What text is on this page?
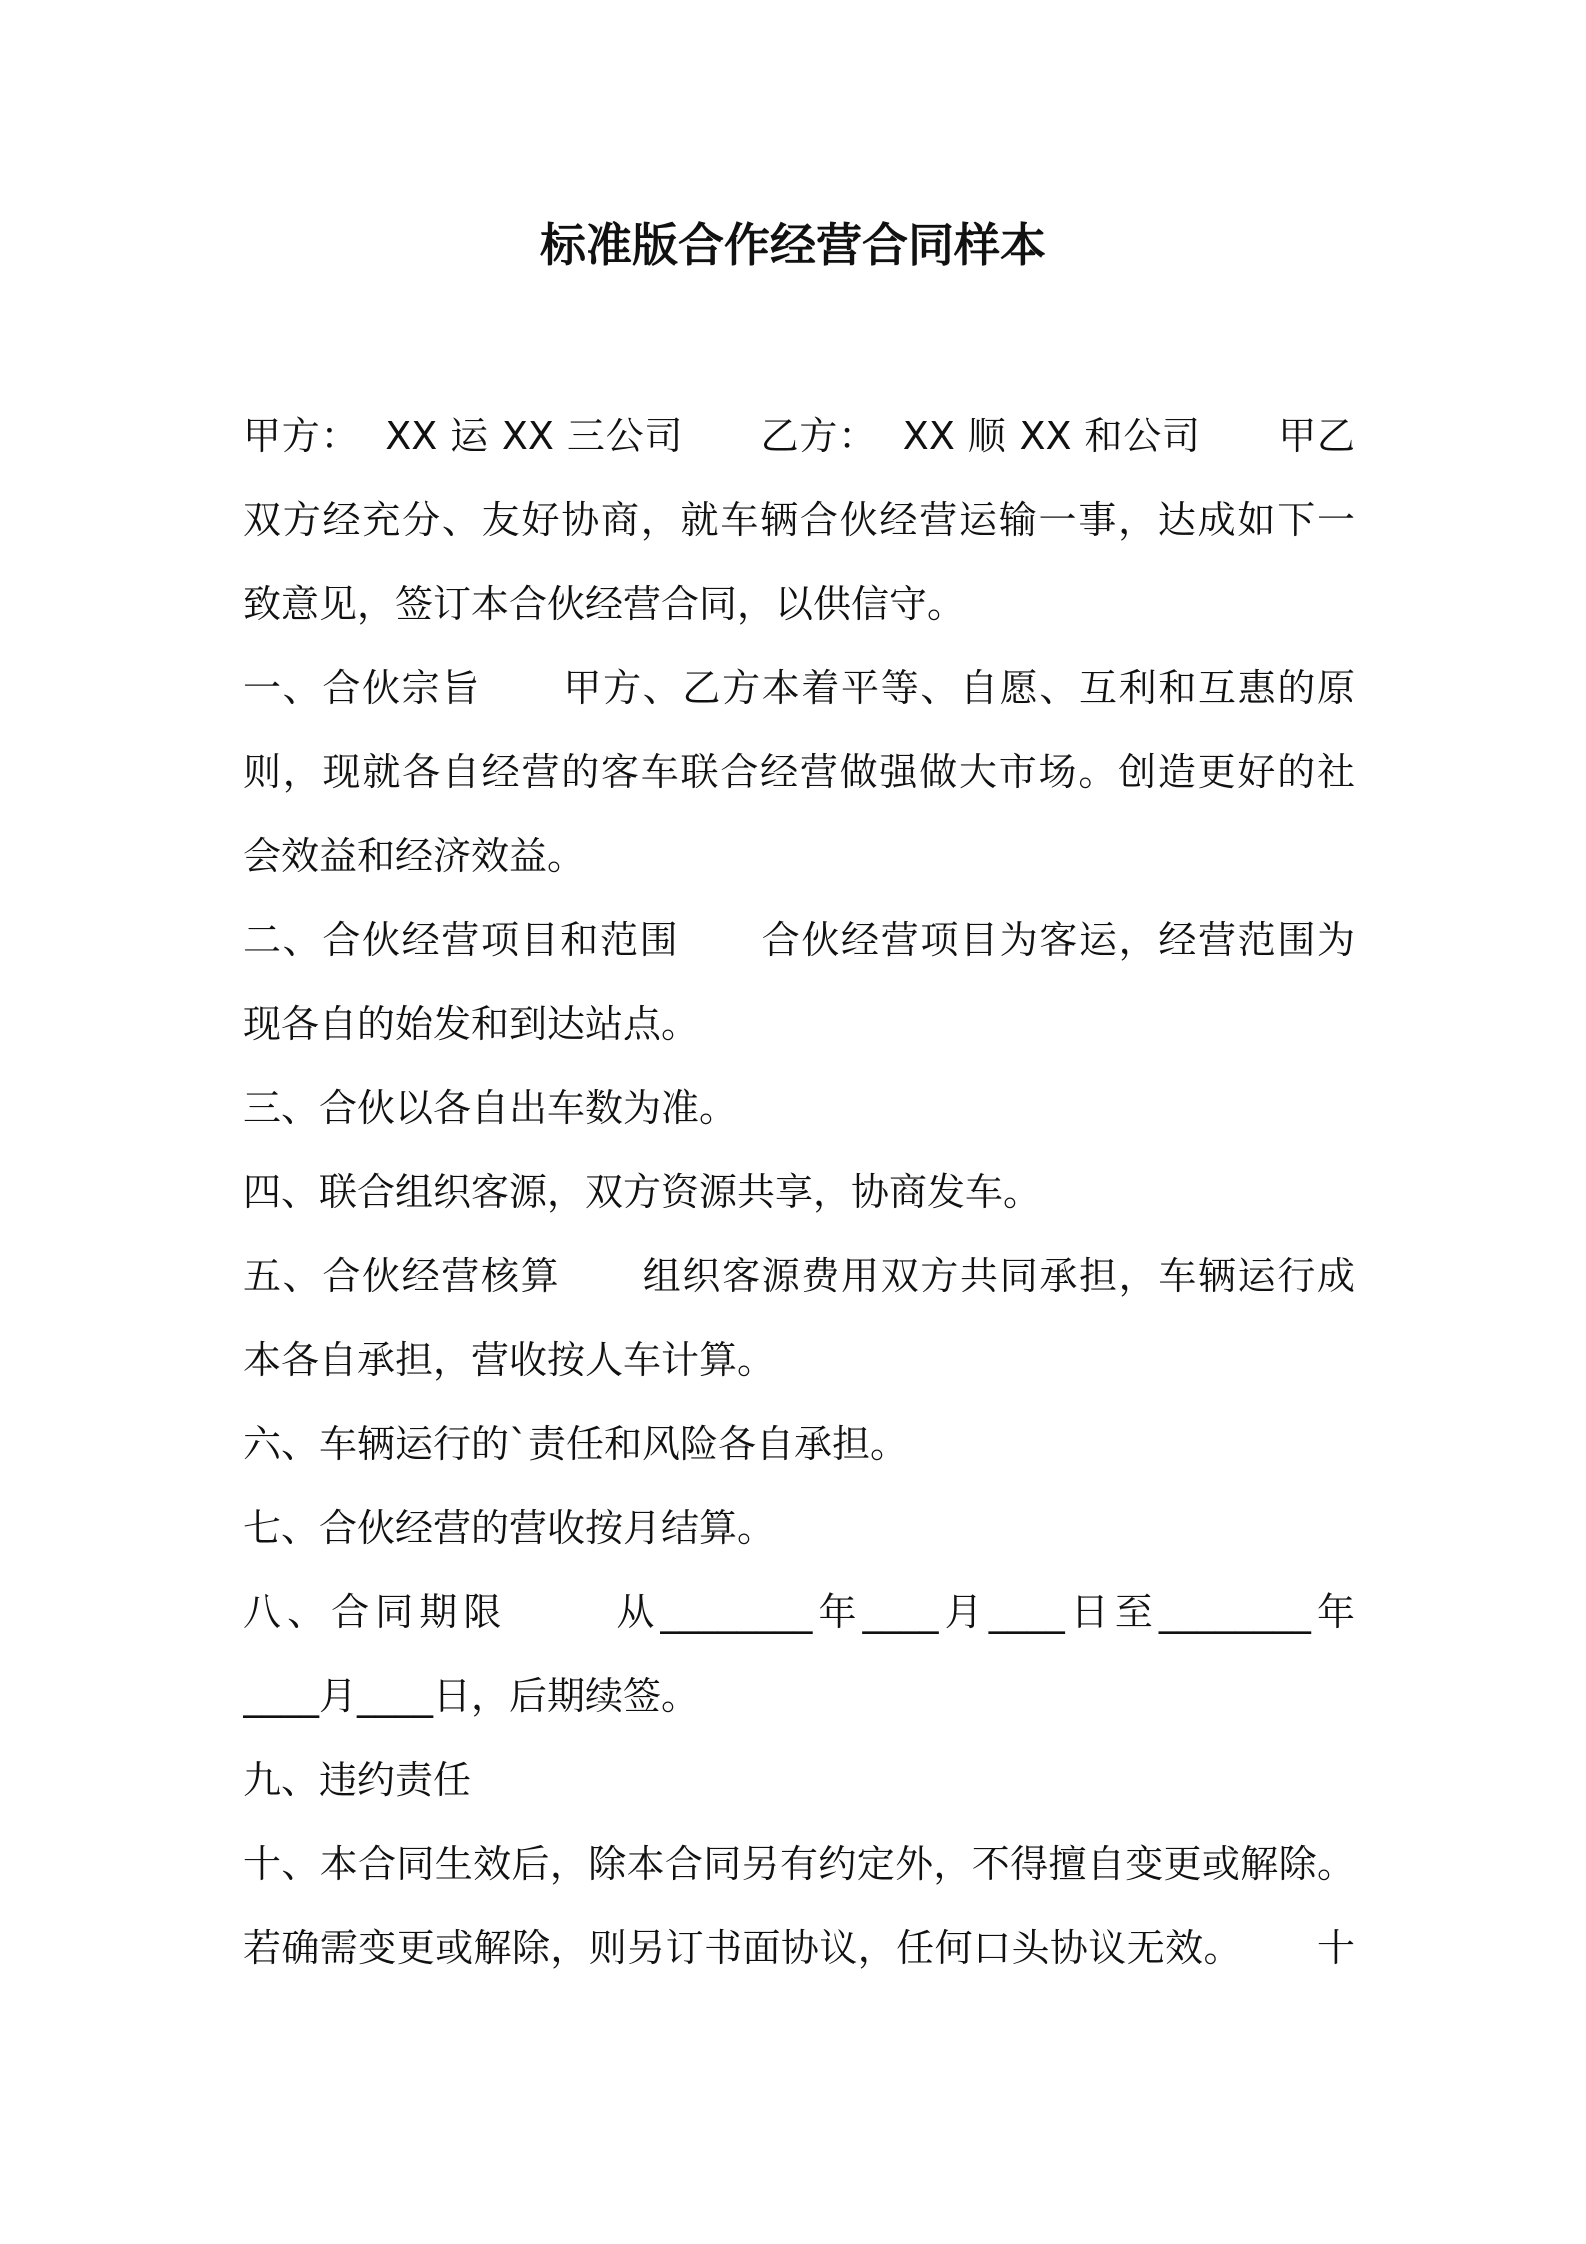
标准版合作经营合同样本
甲方：  XX 运 XX 三公司      乙方：  XX 顺 XX 和公司      甲乙
双方经充分、友好协商，就车辆合伙经营运输一事，达成如下一
致意见，签订本合伙经营合同，以供信守。
一、合伙宗旨      甲方、乙方本着平等、自愿、互利和互惠的原
则，现就各自经营的客车联合经营做强做大市场。创造更好的社
会效益和经济效益。
二、合伙经营项目和范围      合伙经营项目为客运，经营范围为
现各自的始发和到达站点。
三、合伙以各自出车数为准。
四、联合组织客源，双方资源共享，协商发车。
五、合伙经营核算      组织客源费用双方共同承担，车辆运行成
本各自承担，营收按人车计算。
六、车辆运行的`责任和风险各自承担。
七、合伙经营的营收按月结算。
八、合同期限      从________年____月____日至________年
____月____日，后期续签。
九、违约责任
十、本合同生效后，除本合同另有约定外，不得擅自变更或解除。
若确需变更或解除，则另订书面协议，任何口头协议无效。      十
